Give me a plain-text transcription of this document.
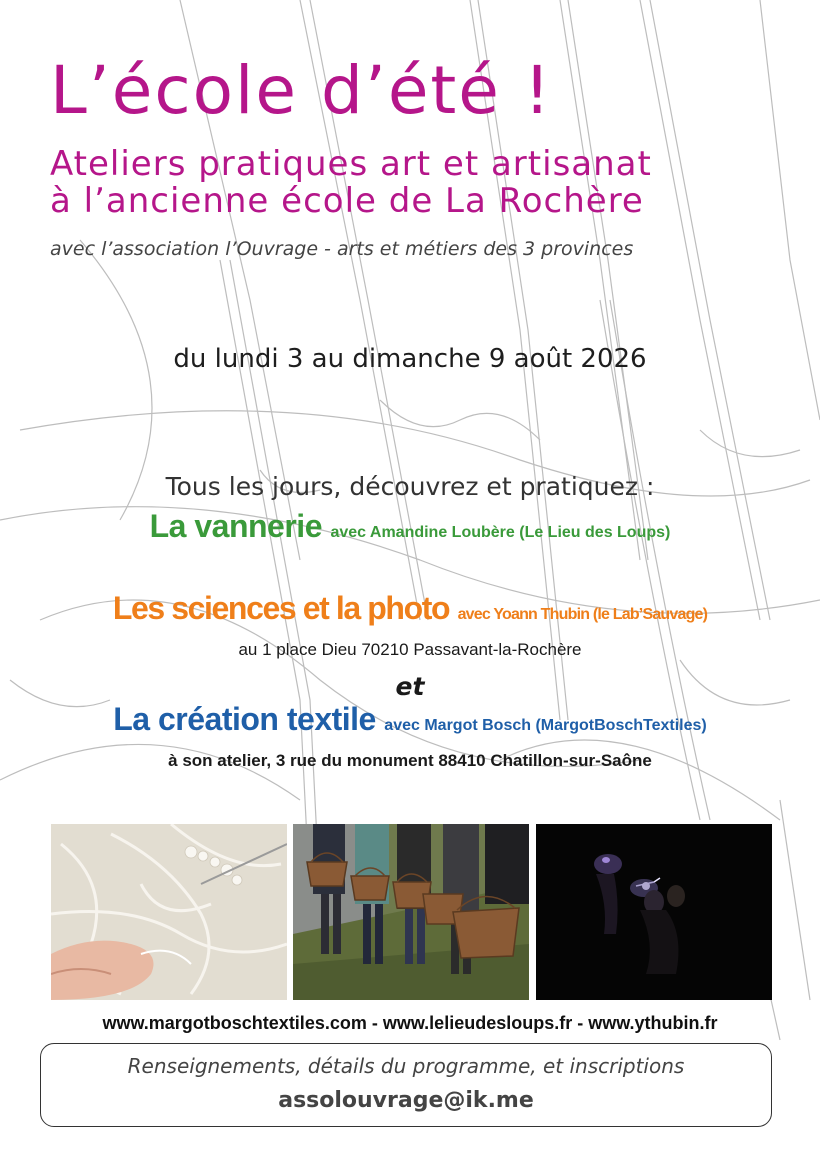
L’école d’été !
Ateliers pratiques art et artisanat
à l’ancienne école de La Rochère
avec l’association l’Ouvrage - arts et métiers des 3 provinces
du lundi 3 au dimanche 9 août 2026
Tous les jours, découvrez et pratiquez :
La vannerie avec Amandine Loubère (Le Lieu des Loups)
Les sciences et la photo avec Yoann Thubin (le Lab’Sauvage)
au 1 place Dieu 70210 Passavant-la-Rochère
et
La création textile avec Margot Bosch (MargotBoschTextiles)
à son atelier, 3 rue du monument 88410 Chatillon-sur-Saône
www.margotboschtextiles.com - www.lelieudesloups.fr - www.ythubin.fr
Renseignements, détails du programme, et inscriptions
assolouvrage@ik.me
